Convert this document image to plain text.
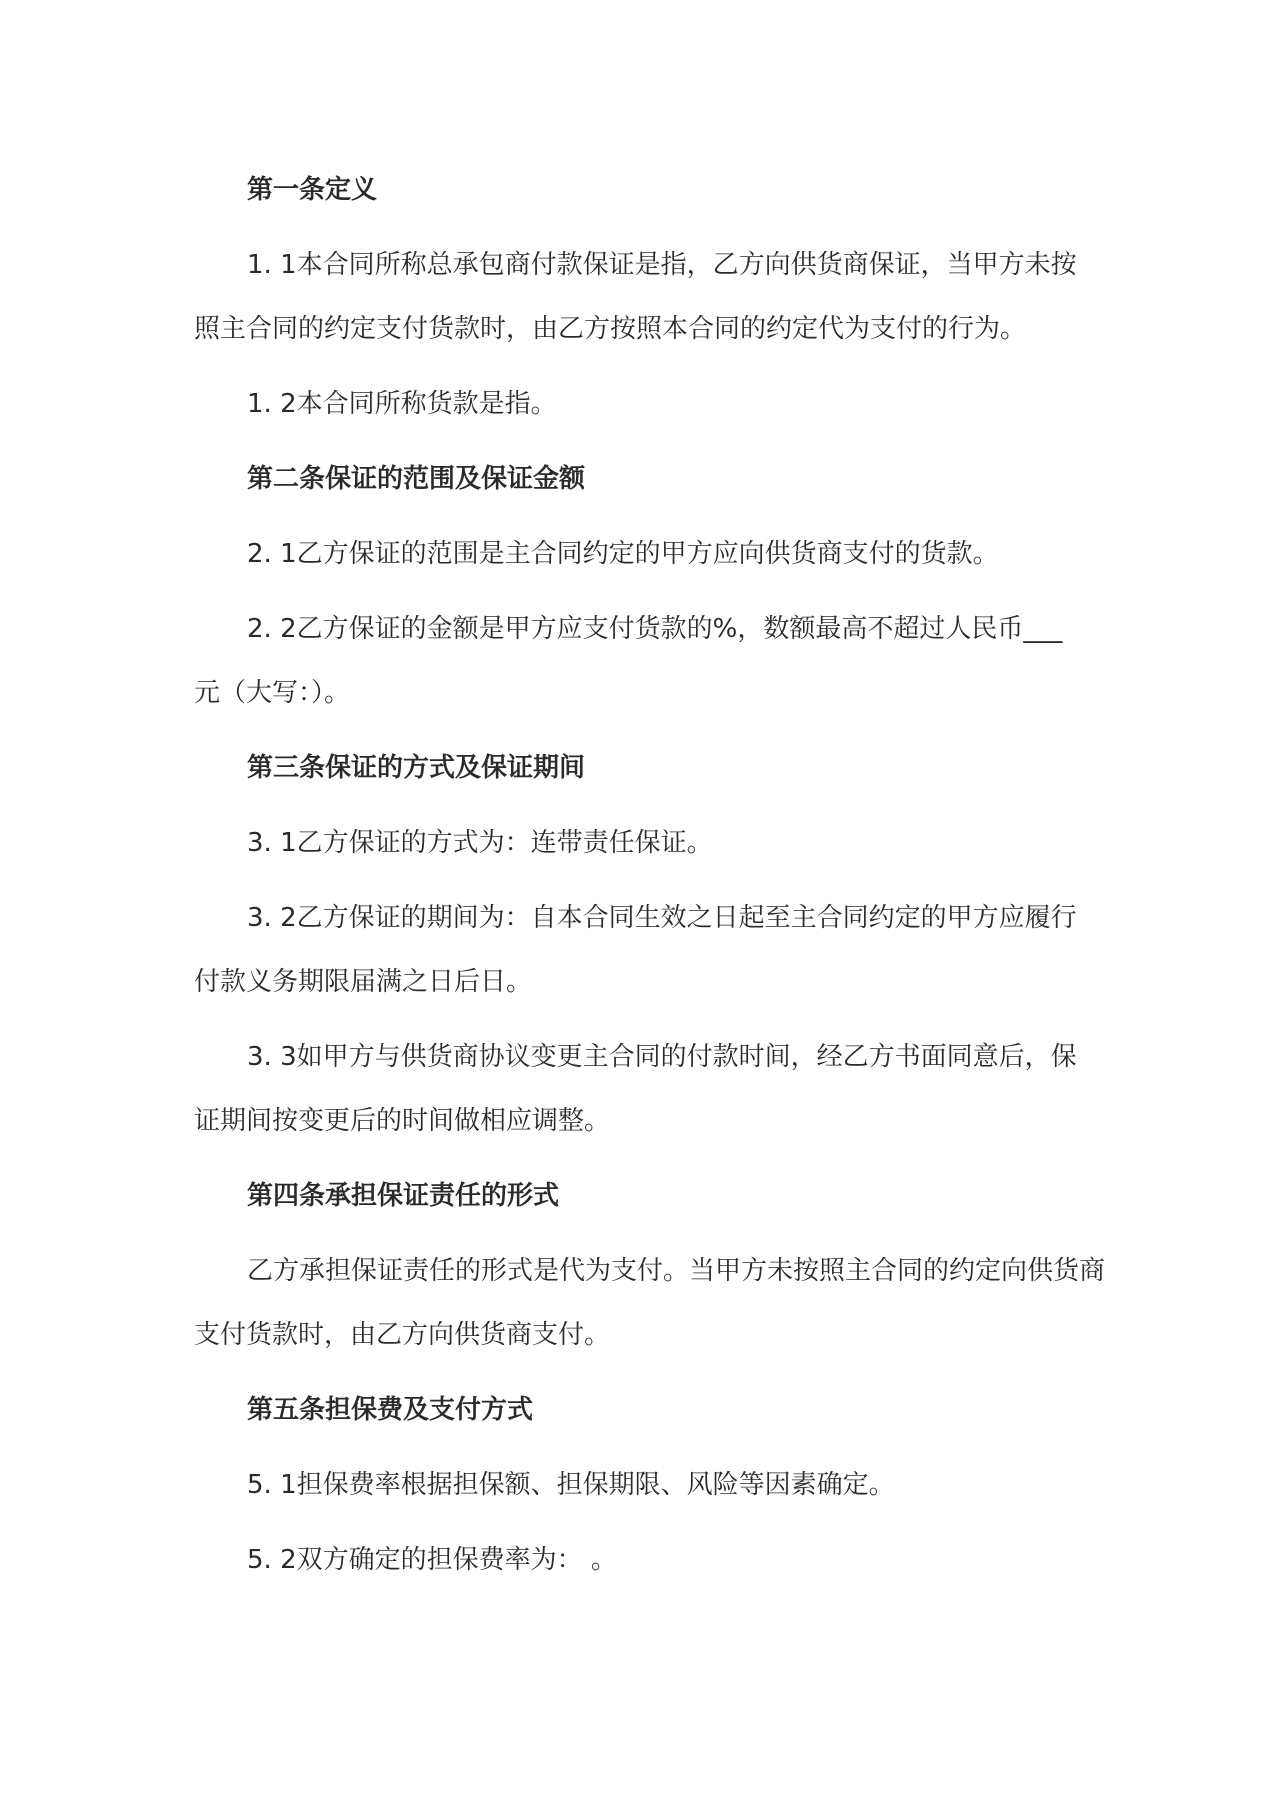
第一条定义
1. 1本合同所称总承包商付款保证是指，乙方向供货商保证，当甲方未按
照主合同的约定支付货款时，由乙方按照本合同的约定代为支付的行为。
1. 2本合同所称货款是指。
第二条保证的范围及保证金额
2. 1乙方保证的范围是主合同约定的甲方应向供货商支付的货款。
2. 2乙方保证的金额是甲方应支付货款的%，数额最高不超过人民币___
元（大写：）。
第三条保证的方式及保证期间
3. 1乙方保证的方式为：连带责任保证。
3. 2乙方保证的期间为：自本合同生效之日起至主合同约定的甲方应履行
付款义务期限届满之日后日。
3. 3如甲方与供货商协议变更主合同的付款时间，经乙方书面同意后，保
证期间按变更后的时间做相应调整。
第四条承担保证责任的形式
乙方承担保证责任的形式是代为支付。当甲方未按照主合同的约定向供货商
支付货款时，由乙方向供货商支付。
第五条担保费及支付方式
5. 1担保费率根据担保额、担保期限、风险等因素确定。
5. 2双方确定的担保费率为： 。
